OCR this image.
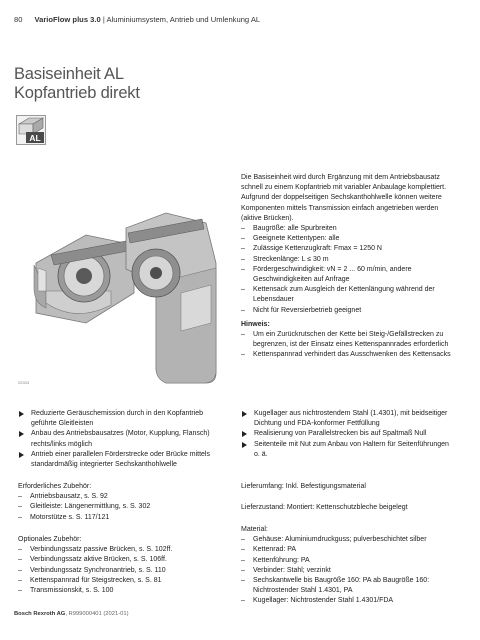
80 VarioFlow plus 3.0 | Aluminiumsystem, Antrieb und Umlenkung AL
Basiseinheit AL
Kopfantrieb direkt
AL
25333

Die Basiseinheit wird durch Ergänzung mit dem Antriebsbausatz schnell zu einem Kopfantrieb mit variabler Anbaulage komplettiert.

Aufgrund der doppelseitigen Sechskanthohlwelle können weitere Komponenten mittels Transmission einfach angetrieben werden (aktive Brücken).

– Baugröße: alle Spurbreiten
– Geeignete Kettentypen: alle
– Zulässige Kettenzugkraft: Fmax = 1250 N
– Streckenlänge: L ≤ 30 m
– Fördergeschwindigkeit: vN = 2 ... 60 m/min, andere Geschwindigkeiten auf Anfrage
– Kettensack zum Ausgleich der Kettenlängung während der Lebensdauer
– Nicht für Reversierbetrieb geeignet

Hinweis:

– Um ein Zurückrutschen der Kette bei Steig-/Gefällstrecken zu begrenzen, ist der Einsatz eines Kettenspannrades erforderlich
– Kettenspannrad verhindert das Ausschwenken des Kettensacks
Reduzierte Geräuschemission durch in den Kopfantrieb geführte Gleitleisten
Anbau des Antriebsbausatzes (Motor, Kupplung, Flansch) rechts/links möglich
Antrieb einer parallelen Förderstrecke oder Brücke mittels standardmäßig integrierter Sechskanthohlwelle
Kugellager aus nichtrostendem Stahl (1.4301), mit beidseitiger Dichtung und FDA-konformer Fettfüllung
Realisierung von Parallelstrecken bis auf Spaltmaß Null
Seitenteile mit Nut zum Anbau von Haltern für Seitenführungen o. ä.

Erforderliches Zubehör:

– Antriebsbausatz, s. S. 92
– Gleitleiste: Längenermittlung, s. S. 302
– Motorstütze s. S. 117/121

Optionales Zubehör:

– Verbindungssatz passive Brücken, s. S. 102ff.
– Verbindungssatz aktive Brücken, s. S. 106ff.
– Verbindungssatz Synchronantrieb, s. S. 110
– Kettenspannrad für Steigstrecken, s. S. 81
– Transmissionskit, s. S. 100
Lieferumfang: Inkl. Befestigungsmaterial
Lieferzustand: Montiert: Kettenschutzbleche beigelegt

Material:

– Gehäuse: Aluminiumdruckguss; pulverbeschichtet silber
– Kettenrad: PA
– Kettenführung: PA
– Verbinder: Stahl; verzinkt
– Sechskantwelle bis Baugröße 160: PA ab Baugröße 160: Nichtrostender Stahl 1.4301, PA
– Kugellager: Nichtrostender Stahl 1.4301/FDA
Bosch Rexroth AG, R999000401 (2021-01)
